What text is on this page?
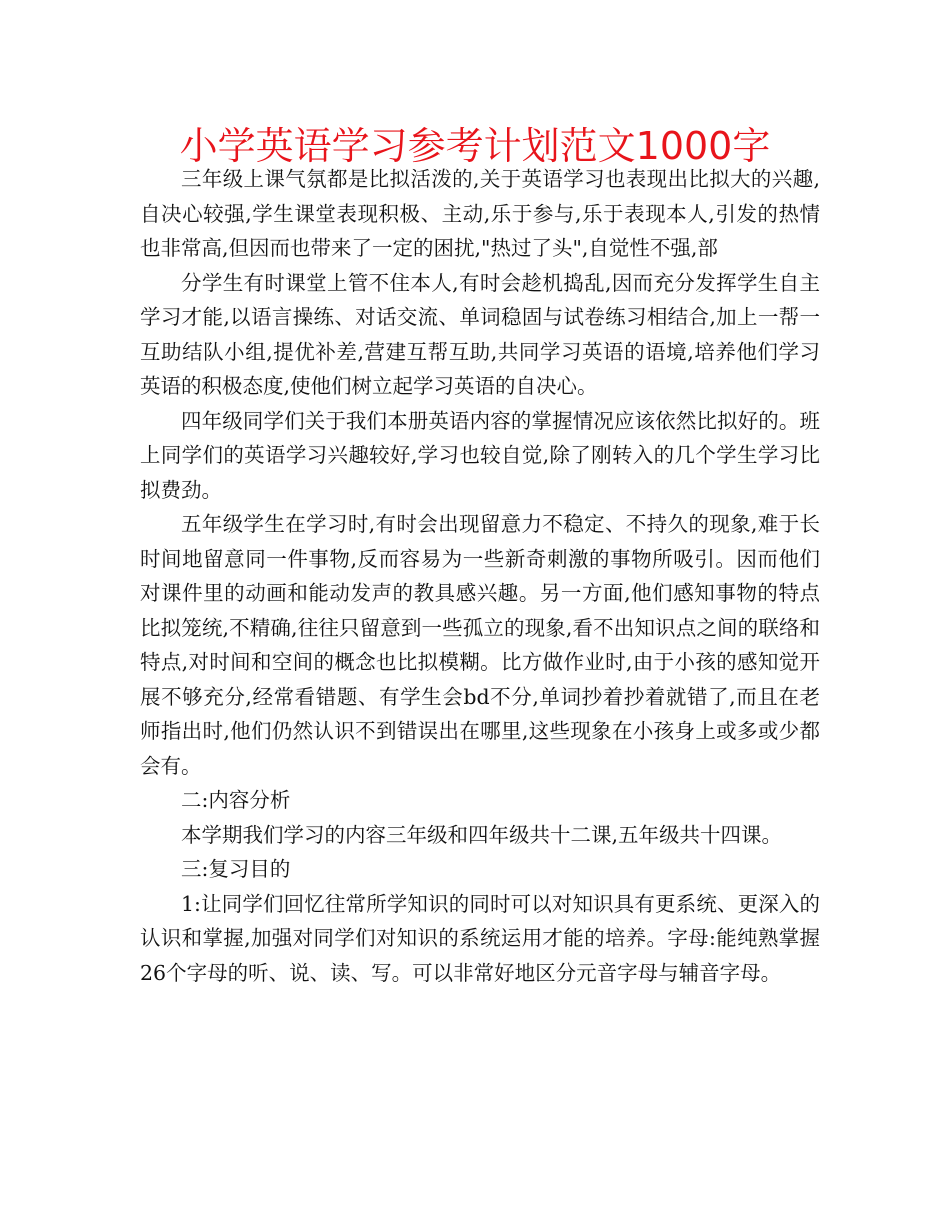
小学英语学习参考计划范文1000字

三年级上课气氛都是比拟活泼的,关于英语学习也表现出比拟大的兴趣,自决心较强,学生课堂表现积极、主动,乐于参与,乐于表现本人,引发的热情也非常高,但因而也带来了一定的困扰,"热过了头",自觉性不强,部

分学生有时课堂上管不住本人,有时会趁机捣乱,因而充分发挥学生自主学习才能,以语言操练、对话交流、单词稳固与试卷练习相结合,加上一帮一互助结队小组,提优补差,营建互帮互助,共同学习英语的语境,培养他们学习英语的积极态度,使他们树立起学习英语的自决心。

四年级同学们关于我们本册英语内容的掌握情况应该依然比拟好的。班上同学们的英语学习兴趣较好,学习也较自觉,除了刚转入的几个学生学习比拟费劲。

五年级学生在学习时,有时会出现留意力不稳定、不持久的现象,难于长时间地留意同一件事物,反而容易为一些新奇刺激的事物所吸引。因而他们对课件里的动画和能动发声的教具感兴趣。另一方面,他们感知事物的特点比拟笼统,不精确,往往只留意到一些孤立的现象,看不出知识点之间的联络和特点,对时间和空间的概念也比拟模糊。比方做作业时,由于小孩的感知觉开展不够充分,经常看错题、有学生会bd不分,单词抄着抄着就错了,而且在老师指出时,他们仍然认识不到错误出在哪里,这些现象在小孩身上或多或少都会有。

二:内容分析

本学期我们学习的内容三年级和四年级共十二课,五年级共十四课。

三:复习目的

1:让同学们回忆往常所学知识的同时可以对知识具有更系统、更深入的认识和掌握,加强对同学们对知识的系统运用才能的培养。字母:能纯熟掌握26个字母的听、说、读、写。可以非常好地区分元音字母与辅音字母。
